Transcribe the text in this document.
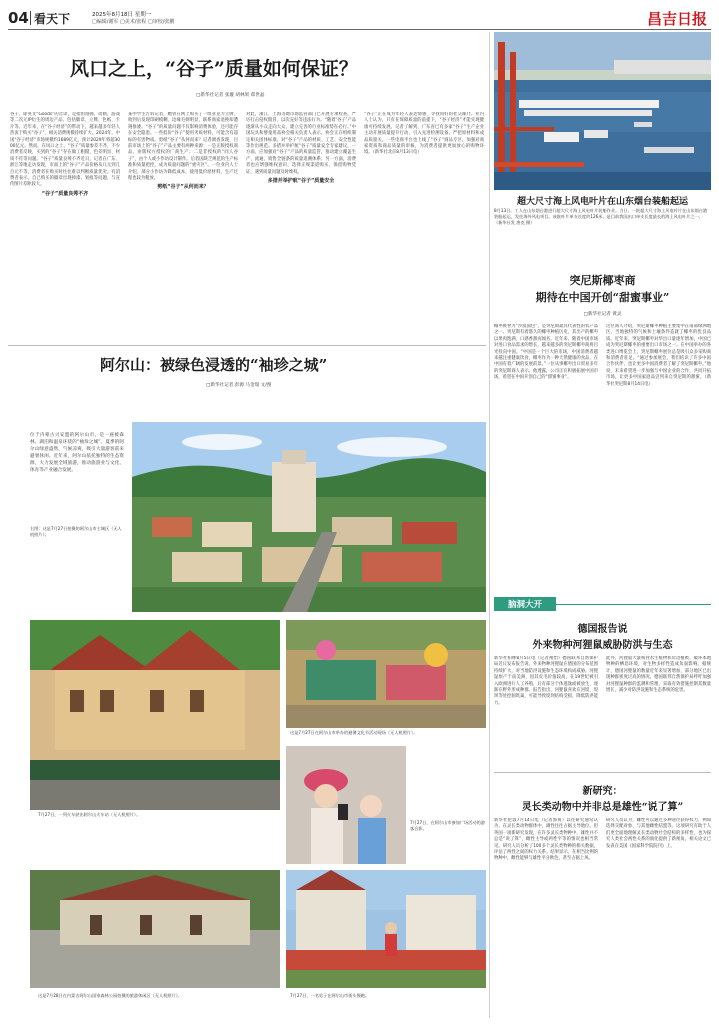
04 看天下	2025年8月18日 星期一
□编辑/谢军 □美术/张程 □审校/张鹏	昌吉日报
风口之上，“谷子”质量如何保证？
□新华社记者 张璇 胡林果 郑世晶
谷子，即英文“Goods”的音译，是指由漫画、动画、游戏等二次元IP衍生的周边产品，包括徽章、立牌、色纸、卡片等。近年来，在“谷子经济”的带动下，越来越多年轻人热衷于购买“谷子”，相关消费规模持续扩大。2024年，中国“谷子经济”市场规模约1689亿元，预计2029年将超3000亿元。然而，在风口之上，“谷子”质量参差不齐，不少消费者反映，买到的“谷子”存在做工粗糙、色差明显、材质不符等问题。“谷子”质量良莠不齐近日，记者在广东、浙江等地走访发现，市面上的“谷子”产品价格从几元到几百元不等，消费者在购买时往往难以判断质量优劣。有消费者表示，自己购买的徽章出现掉漆、划痕等问题，与宣传图片差距较大。
“谷子”质量良莠不齐
某中学生告诉记者，她曾在网上购买了一组亚克力立牌，收到后发现印刷模糊、边缘毛刺明显，联系商家退换却遭遇推诿。“谷子”的质量问题不仅影响消费体验，还可能存在安全隐患。一些低价“谷子”使用劣质材料，可能含有超标的有害物质。剪纸“谷子”从何而来？记者调查发现，目前市场上的“谷子”产品主要有两种来源：一是正版授权商品，由版权方授权的厂商生产；二是非授权的“同人谷子”，由个人或小作坊设计制作。后者因缺乏规范的生产标准和质量把控，成为质量问题的“重灾区”。一位业内人士介绍，部分小作坊为降低成本，使用低价原材料，生产过程也较为粗放。
剪纸“谷子”从何而来？
对此，浙江、上海等地市场监管部门已开展专项检查，严厉打击侵权假冒、以次充好等违法行为。“随着‘谷子’产品逐渐从小众走向大众，建立完善的行业标准势在必行。”中国玩具和婴童用品协会相关负责人表示，协会正在组织制定相关团体标准，对“谷子”产品的材质、工艺、安全性能等作出规范。多措并举护航“谷子”质量安全专家建议，一方面，应加强对“谷子”产品的质量监管，推动建立覆盖生产、流通、销售全链条的质量追溯体系；另一方面，消费者也应增强维权意识，选择正规渠道购买，保留购物凭证，遇到质量问题及时维权。
多措并举护航“谷子”质量安全
“谷子”正在成为年轻人表达情感、寻找同好的社交媒介。业内人士认为，只有在保障质量的前提下，“谷子经济”才能实现健康可持续发展。记者了解到，广东省已有多家“谷子”生产企业主动开展质量提升行动，引入先进检测设备，严把原材料和成品质量关。一些电商平台也上线了“谷子”商品专区，加强对商家资质和商品质量的审核，为消费者提供更加放心的购物环境。（新华社北京8月13日电）
超大尺寸海上风电叶片在山东烟台装船起运
8月13日，工人在山东烟台港进行超大尺寸海上风电叶片装船作业。当日，一批超大尺寸海上风电叶片在山东烟台港装船起运，发往海外风电项目。该批叶片单支长度约126米，是目前我国出口单支长度最长的海上风电叶片之一。 （新华社发 唐克 摄）
突尼斯椰枣商
期待在中国开创“甜蜜事业”
□新华社记者 黄灵
椰枣被誉为“沙漠面包”，是突尼斯最具代表性的农产品之一。突尼斯有着悠久的椰枣种植历史，其出产的椰枣以果肉饱满、口感香甜而闻名。近年来，随着中国市场对进口食品需求的增长，越来越多的突尼斯椰枣商将目光投向中国。“中国是一个巨大的市场，中国消费者越来越注重健康饮食，椰枣作为一种天然健康的食品，在中国有着广阔的发展前景。”一位从事椰枣出口贸易多年的突尼斯商人表示。他透露，公司正在积极拓展中国市场，希望在中国开创自己的“甜蜜事业”。
这位商人介绍，突尼斯椰枣种植主要集中在南部绿洲地区，当地独特的气候和土壤条件造就了椰枣的优良品质。近年来，突尼斯椰枣对华出口量逐年增加，中国已成为突尼斯椰枣的重要出口市场之一。在中国举办的各类进口博览会上，突尼斯椰枣展位总是吸引众多采购商和消费者驻足。“通过参加展会，我们结识了许多中国合作伙伴，也让更多中国消费者了解了突尼斯椰枣。”他说，未来希望进一步加强与中国企业的合作，共同开拓市场，让更多中国家庭品尝到来自突尼斯的甜蜜。（新华社突尼斯8月14日电）
脑洞大开
德国报告说
外来物种河狸鼠威胁防洪与生态
新华社柏林8月5日电（记者褚怡）德国联邦自然保护局近日发布报告说，外来物种河狸鼠在德国的分布范围持续扩大，对当地防洪设施和生态环境构成威胁。河狸鼠原产于南美洲，因其皮毛价值较高，在19世纪被引入欧洲进行人工养殖，后有部分个体逃逸或被放生，逐渐在野外形成种群。报告指出，河狸鼠喜欢在河堤、堤坝等处挖洞筑巢，可能导致堤坝结构受损，降低防洪能力。
此外，河狸鼠大量啃食水生植物和岸边植被，破坏本地物种的栖息环境，对生物多样性造成负面影响。据统计，德国河狸鼠的数量近年来显著增加，部分地区已出现种群密度过高的情况。德国联邦自然保护局呼吁加强对河狸鼠种群的监测和管理，采取有效措施控制其数量增长，减少对防洪设施和生态系统的危害。
新研究：
灵长类动物中并非总是雄性“说了算”
新华社伦敦7月14日电（记者郭爽）以往研究通常认为，在灵长类动物群体中，雄性往往占据主导地位。但英国一项新研究发现，在许多灵长类物种中，雄性并不总是“说了算”，雌性主导或两性平等的情况也相当常见。研究人员分析了100多个灵长类物种的相关数据，评估了两性之间的权力关系。结果显示，在相当比例的物种中，雌性能够与雄性平分秋色，甚至占据上风。
研究人员认为，雌性可以通过多种途径获得权力，例如选择交配对象、与其他雌性结盟等。这项研究有助于人们更全面地理解灵长类动物社会结构的多样性，也为探究人类社会两性关系的演化提供了新视角。相关论文已发表在美国《国家科学院院刊》上。
阿尔山：被绿色浸透的“袖珍之城”
□新华社记者 彭源 马金瑞 文/图
位于内蒙古兴安盟的阿尔山市，是一座被森林、湖泊和温泉环绕的“袖珍之城”。夏季的阿尔山绿意盎然，气候凉爽，吸引大量游客前来避暑休闲。近年来，阿尔山依托独特的生态资源，大力发展全域旅游，推动旅游业与文化、体育等产业融合发展。
右图：这是7月27日拍摄的阿尔山市主城区（无人机照片）。
7月27日，一列火车驶出阿尔山火车站（无人机照片）。
这是7月27日在阿尔山市举办的避暑文化节活动现场（无人机照片）。
7月27日，在阿尔山市参加广场活动的游客合影。
这是7月28日在内蒙古阿尔山国家森林公园拍摄的旅游休闲区（无人机照片）。	7月27日，一名男子在阿尔山市街头慢跑。
